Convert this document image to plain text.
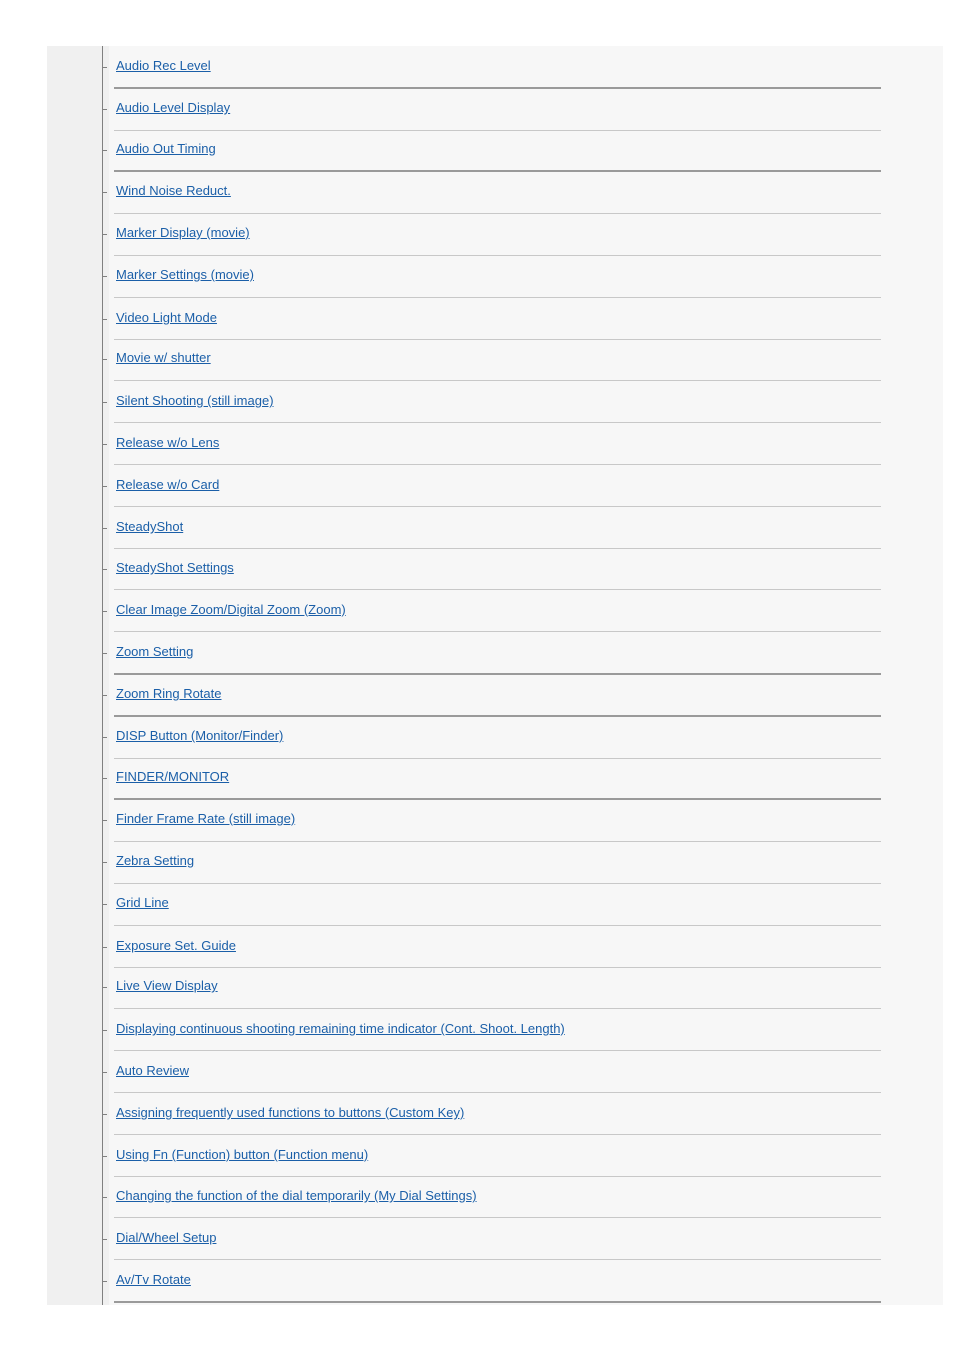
Audio Rec Level
Audio Level Display
Audio Out Timing
Wind Noise Reduct.
Marker Display (movie)
Marker Settings (movie)
Video Light Mode
Movie w/ shutter
Silent Shooting (still image)
Release w/o Lens
Release w/o Card
SteadyShot
SteadyShot Settings
Clear Image Zoom/Digital Zoom (Zoom)
Zoom Setting
Zoom Ring Rotate
DISP Button (Monitor/Finder)
FINDER/MONITOR
Finder Frame Rate (still image)
Zebra Setting
Grid Line
Exposure Set. Guide
Live View Display
Displaying continuous shooting remaining time indicator (Cont. Shoot. Length)
Auto Review
Assigning frequently used functions to buttons (Custom Key)
Using Fn (Function) button (Function menu)
Changing the function of the dial temporarily (My Dial Settings)
Dial/Wheel Setup
Av/Tv Rotate
